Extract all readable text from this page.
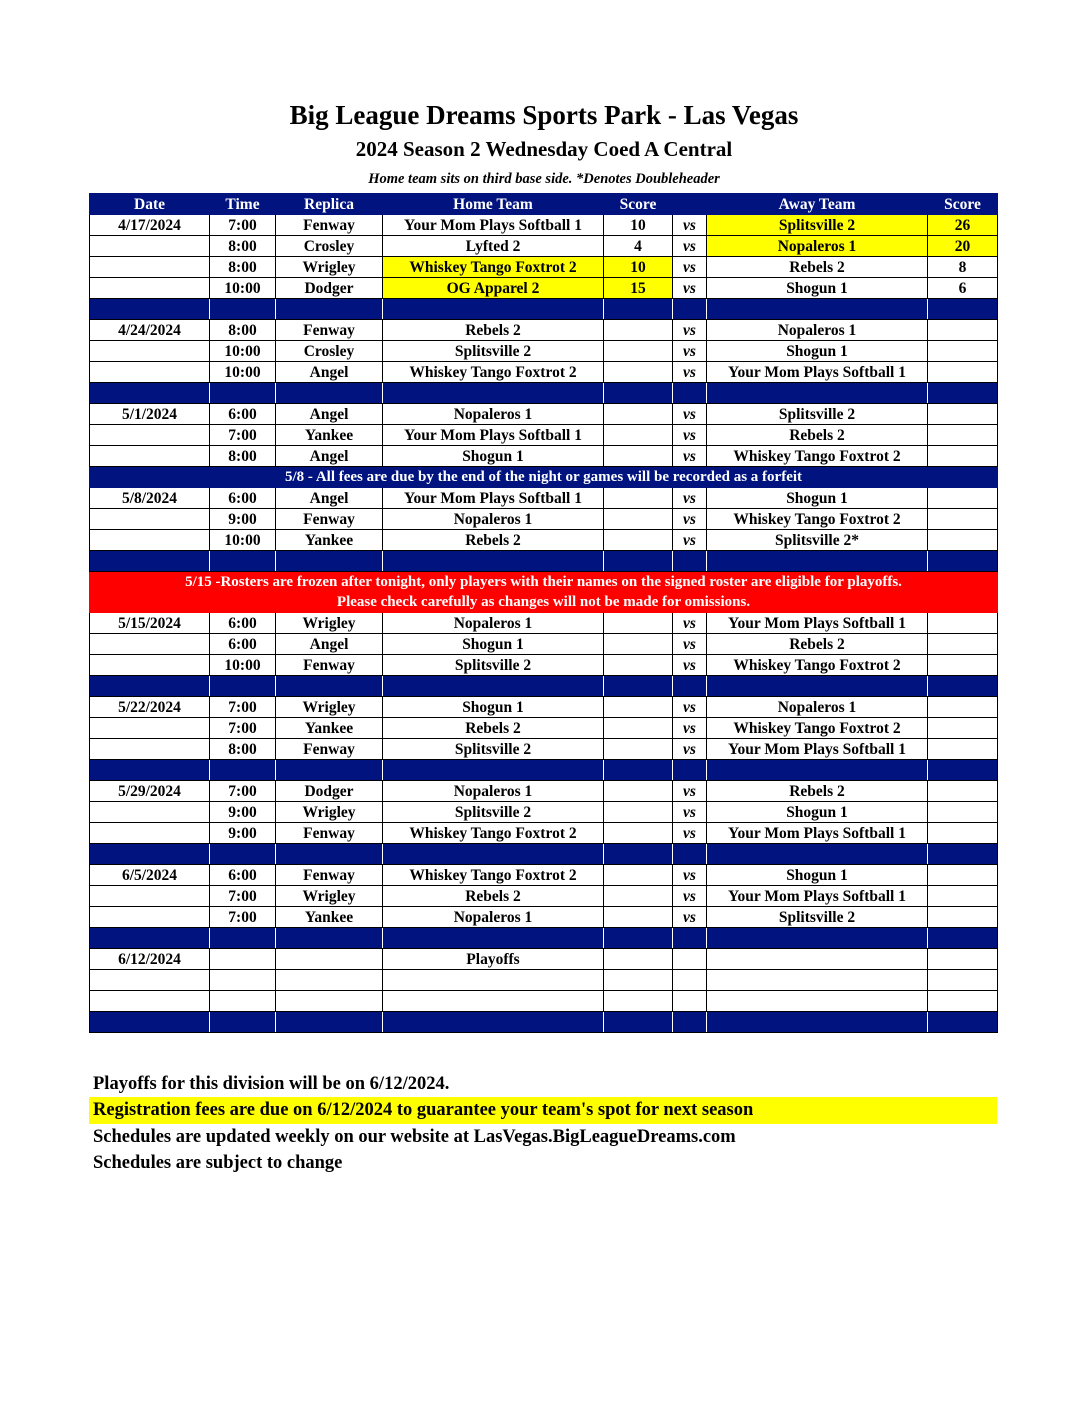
Big League Dreams Sports Park - Las Vegas
2024 Season 2 Wednesday Coed A Central

Home team sits on third base side. *Denotes Doubleheader

Date	Time	Replica	Home Team	Score		Away Team	Score
4/17/2024	7:00	Fenway	Your Mom Plays Softball 1	10	vs	Splitsville 2	26
	8:00	Crosley	Lyfted 2	4	vs	Nopaleros 1	20
	8:00	Wrigley	Whiskey Tango Foxtrot 2	10	vs	Rebels 2	8
	10:00	Dodger	OG Apparel 2	15	vs	Shogun 1	6

4/24/2024	8:00	Fenway	Rebels 2		vs	Nopaleros 1	
	10:00	Crosley	Splitsville 2		vs	Shogun 1	
	10:00	Angel	Whiskey Tango Foxtrot 2		vs	Your Mom Plays Softball 1	

5/1/2024	6:00	Angel	Nopaleros 1		vs	Splitsville 2	
	7:00	Yankee	Your Mom Plays Softball 1		vs	Rebels 2	
	8:00	Angel	Shogun 1		vs	Whiskey Tango Foxtrot 2	
5/8 - All fees are due by the end of the night or games will be recorded as a forfeit							
5/8/2024	6:00	Angel	Your Mom Plays Softball 1		vs	Shogun 1	
	9:00	Fenway	Nopaleros 1		vs	Whiskey Tango Foxtrot 2	
	10:00	Yankee	Rebels 2		vs	Splitsville 2*	

5/15 -Rosters are frozen after tonight, only players with their names on the signed roster are eligible for playoffs.
Please check carefully as changes will not be made for omissions.							
5/15/2024	6:00	Wrigley	Nopaleros 1		vs	Your Mom Plays Softball 1	
	6:00	Angel	Shogun 1		vs	Rebels 2	
	10:00	Fenway	Splitsville 2		vs	Whiskey Tango Foxtrot 2	

5/22/2024	7:00	Wrigley	Shogun 1		vs	Nopaleros 1	
	7:00	Yankee	Rebels 2		vs	Whiskey Tango Foxtrot 2	
	8:00	Fenway	Splitsville 2		vs	Your Mom Plays Softball 1	

5/29/2024	7:00	Dodger	Nopaleros 1		vs	Rebels 2	
	9:00	Wrigley	Splitsville 2		vs	Shogun 1	
	9:00	Fenway	Whiskey Tango Foxtrot 2		vs	Your Mom Plays Softball 1	

6/5/2024	6:00	Fenway	Whiskey Tango Foxtrot 2		vs	Shogun 1	
	7:00	Wrigley	Rebels 2		vs	Your Mom Plays Softball 1	
	7:00	Yankee	Nopaleros 1		vs	Splitsville 2	

6/12/2024			Playoffs				

Playoffs for this division will be on 6/12/2024.

Registration fees are due on 6/12/2024 to guarantee your team's spot for next season

Schedules are updated weekly on our website at LasVegas.BigLeagueDreams.com

Schedules are subject to change
